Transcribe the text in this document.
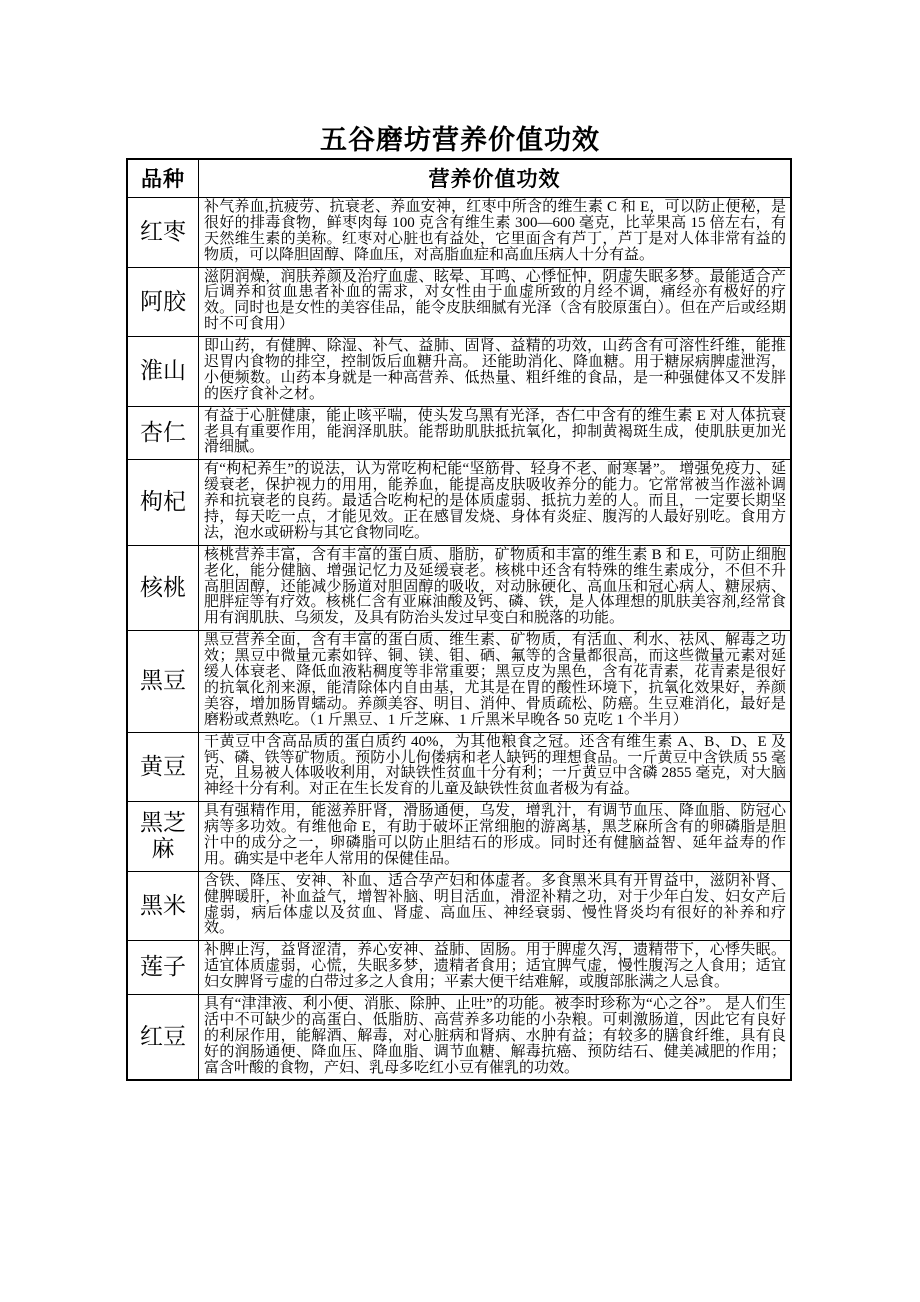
五谷磨坊营养价值功效
品种	营养价值功效
红枣	补气养血,抗疲劳、抗衰老、养血安神，红枣中所含的维生素 C 和 E，可以防止便秘，是很好的排毒食物，鲜枣肉每 100 克含有维生素 300—600 毫克，比苹果高 15 倍左右，有天然维生素的美称。红枣对心脏也有益处，它里面含有芦丁，芦丁是对人体非常有益的物质，可以降胆固醇、降血压，对高脂血症和高血压病人十分有益。
阿胶	滋阴润燥，润肤养颜及治疗血虚、眩晕、耳鸣、心悸怔忡，阴虚失眠多梦。最能适合产后调养和贫血患者补血的需求，对女性由于血虚所致的月经不调，痛经亦有极好的疗效。同时也是女性的美容佳品，能令皮肤细腻有光泽（含有胶原蛋白）。但在产后或经期时不可食用）
淮山	即山药，有健脾、除湿、补气、益肺、固肾、益精的功效，山药含有可溶性纤维，能推迟胃内食物的排空，控制饭后血糖升高。 还能助消化、降血糖。用于糖尿病脾虚泄泻，小便频数。山药本身就是一种高营养、低热量、粗纤维的食品，是一种强健体又不发胖的医疗食补之材。
杏仁	有益于心脏健康，能止咳平喘，使头发乌黑有光泽，杏仁中含有的维生素 E 对人体抗衰老具有重要作用，能润泽肌肤。能帮助肌肤抵抗氧化，抑制黄褐斑生成，使肌肤更加光滑细腻。
枸杞	有“枸杞养生”的说法，认为常吃枸杞能“坚筋骨、轻身不老、耐寒暑”。 增强免疫力、延缓衰老，保护视力的用用，能养血，能提高皮肤吸收养分的能力。它常常被当作滋补调养和抗衰老的良药。最适合吃枸杞的是体质虚弱、抵抗力差的人。而且，一定要长期坚持，每天吃一点，才能见效。正在感冒发烧、身体有炎症、腹泻的人最好别吃。食用方法，泡水或研粉与其它食物同吃。
核桃	核桃营养丰富，含有丰富的蛋白质、脂肪，矿物质和丰富的维生素 B 和 E，可防止细胞老化，能分健脑、增强记忆力及延缓衰老。核桃中还含有特殊的维生素成分，不但不升高胆固醇，还能减少肠道对胆固醇的吸收，对动脉硬化、高血压和冠心病人、糖尿病、肥胖症等有疗效。核桃仁含有亚麻油酸及钙、磷、铁，是人体理想的肌肤美容剂,经常食用有润肌肤、乌须发，及具有防治头发过早变白和脱落的功能。
黑豆	黑豆营养全面，含有丰富的蛋白质、维生素、矿物质，有活血、利水、祛风、解毒之功效；黑豆中微量元素如锌、铜、镁、钼、硒、氟等的含量都很高，而这些微量元素对延缓人体衰老、降低血液粘稠度等非常重要；黑豆皮为黑色，含有花青素，花青素是很好的抗氧化剂来源，能清除体内自由基，尤其是在胃的酸性环境下，抗氧化效果好，养颜美容，增加肠胃蠕动。养颜美容、明目、消仲、骨质疏松、防癌。生豆难消化，最好是磨粉或煮熟吃。（1 斤黑豆、1 斤芝麻、1 斤黑米早晚各 50 克吃 1 个半月）
黄豆	干黄豆中含高品质的蛋白质约 40%，为其他粮食之冠。还含有维生素 A、B、D、E 及钙、磷、铁等矿物质。预防小儿佝偻病和老人缺钙的理想食品。一斤黄豆中含铁质 55 毫克，且易被人体吸收利用，对缺铁性贫血十分有利；一斤黄豆中含磷 2855 毫克，对大脑神经十分有利。对正在生长发育的儿童及缺铁性贫血者极为有益。
黑芝麻	具有强精作用，能滋养肝肾，滑肠通便，乌发，增乳汁，有调节血压、降血脂、防冠心病等多功效。有维他命 E，有助于破坏正常细胞的游离基，黑芝麻所含有的卵磷脂是胆汁中的成分之一，卵磷脂可以防止胆结石的形成。同时还有健脑益智、延年益寿的作用。确实是中老年人常用的保健佳品。
黑米	含铁、降压、安神、补血、适合孕产妇和体虚者。多食黑米具有开胃益中，滋阴补肾、健脾暖肝，补血益气，增智补脑、明目活血，滑涩补精之功，对于少年白发、妇女产后虚弱，病后体虚以及贫血、肾虚、高血压、神经衰弱、慢性肾炎均有很好的补养和疗效。
莲子	补脾止泻，益肾涩清，养心安神、益肺、固肠。用于脾虚久泻，遗精带下，心悸失眠。适宜体质虚弱，心慌，失眠多梦，遗精者食用；适宜脾气虚，慢性腹泻之人食用；适宜妇女脾肾亏虚的白带过多之人食用；平素大便干结难解，或腹部胀满之人忌食。
红豆	具有“津津液、利小便、消胀、除肿、止吐”的功能。被李时珍称为“心之谷”。 是人们生活中不可缺少的高蛋白、低脂肪、高营养多功能的小杂粮。可刺激肠道，因此它有良好的利尿作用，能解酒、解毒，对心脏病和肾病、水肿有益；有较多的膳食纤维，具有良好的润肠通便、降血压、降血脂、调节血糖、解毒抗癌、预防结石、健美减肥的作用；富含叶酸的食物，产妇、乳母多吃红小豆有催乳的功效。
